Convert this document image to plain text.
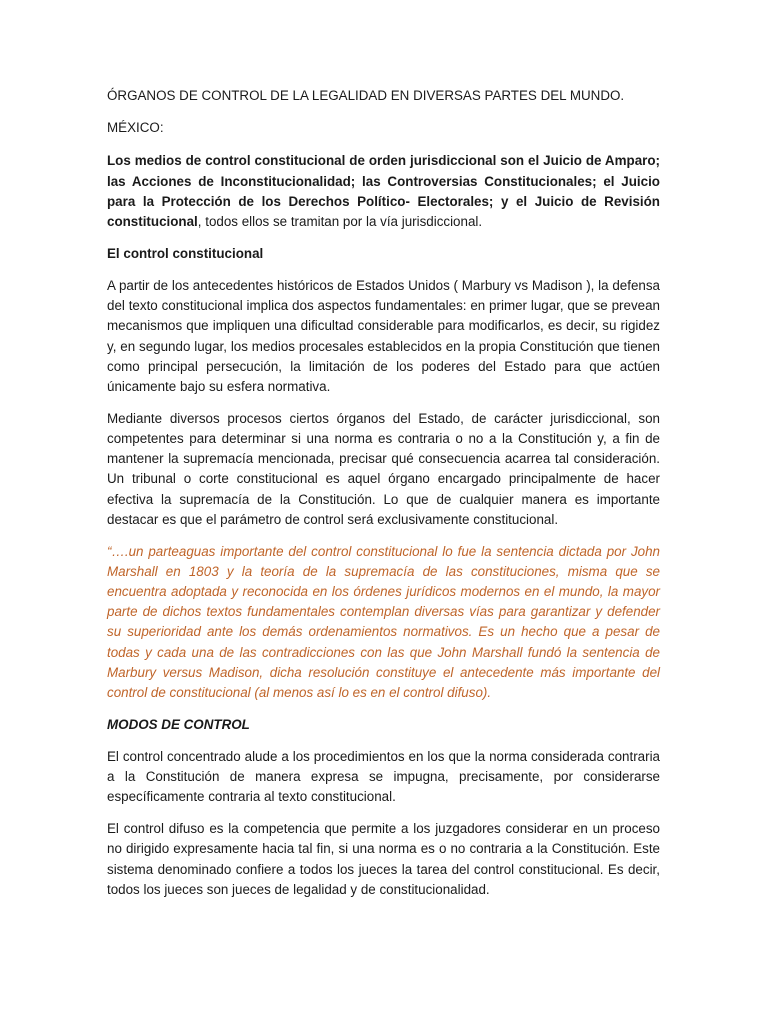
ÓRGANOS DE CONTROL DE LA LEGALIDAD EN DIVERSAS PARTES DEL MUNDO.

MÉXICO:

Los medios de control constitucional de orden jurisdiccional son el Juicio de Amparo; las Acciones de Inconstitucionalidad; las Controversias Constitucionales; el Juicio para la Protección de los Derechos Político- Electorales; y el Juicio de Revisión constitucional, todos ellos se tramitan por la vía jurisdiccional.

El control constitucional

A partir de los antecedentes históricos de Estados Unidos ( Marbury vs Madison ), la defensa del texto constitucional implica dos aspectos fundamentales: en primer lugar, que se prevean mecanismos que impliquen una dificultad considerable para modificarlos, es decir, su rigidez y, en segundo lugar, los medios procesales establecidos en la propia Constitución que tienen como principal persecución, la limitación de los poderes del Estado para que actúen únicamente bajo su esfera normativa.

Mediante diversos procesos ciertos órganos del Estado, de carácter jurisdiccional, son competentes para determinar si una norma es contraria o no a la Constitución y, a fin de mantener la supremacía mencionada, precisar qué consecuencia acarrea tal consideración. Un tribunal o corte constitucional es aquel órgano encargado principalmente de hacer efectiva la supremacía de la Constitución. Lo que de cualquier manera es importante destacar es que el parámetro de control será exclusivamente constitucional.

“….un parteaguas importante del control constitucional lo fue la sentencia dictada por John Marshall en 1803 y la teoría de la supremacía de las constituciones, misma que se encuentra adoptada y reconocida en los órdenes jurídicos modernos en el mundo, la mayor parte de dichos textos fundamentales contemplan diversas vías para garantizar y defender su superioridad ante los demás ordenamientos normativos. Es un hecho que a pesar de todas y cada una de las contradicciones con las que John Marshall fundó la sentencia de Marbury versus Madison, dicha resolución constituye el antecedente más importante del control de constitucional (al menos así lo es en el control difuso).

MODOS DE CONTROL

El control concentrado alude a los procedimientos en los que la norma considerada contraria a la Constitución de manera expresa se impugna, precisamente, por considerarse específicamente contraria al texto constitucional.

El control difuso es la competencia que permite a los juzgadores considerar en un proceso no dirigido expresamente hacia tal fin, si una norma es o no contraria a la Constitución. Este sistema denominado confiere a todos los jueces la tarea del control constitucional. Es decir, todos los jueces son jueces de legalidad y de constitucionalidad.
